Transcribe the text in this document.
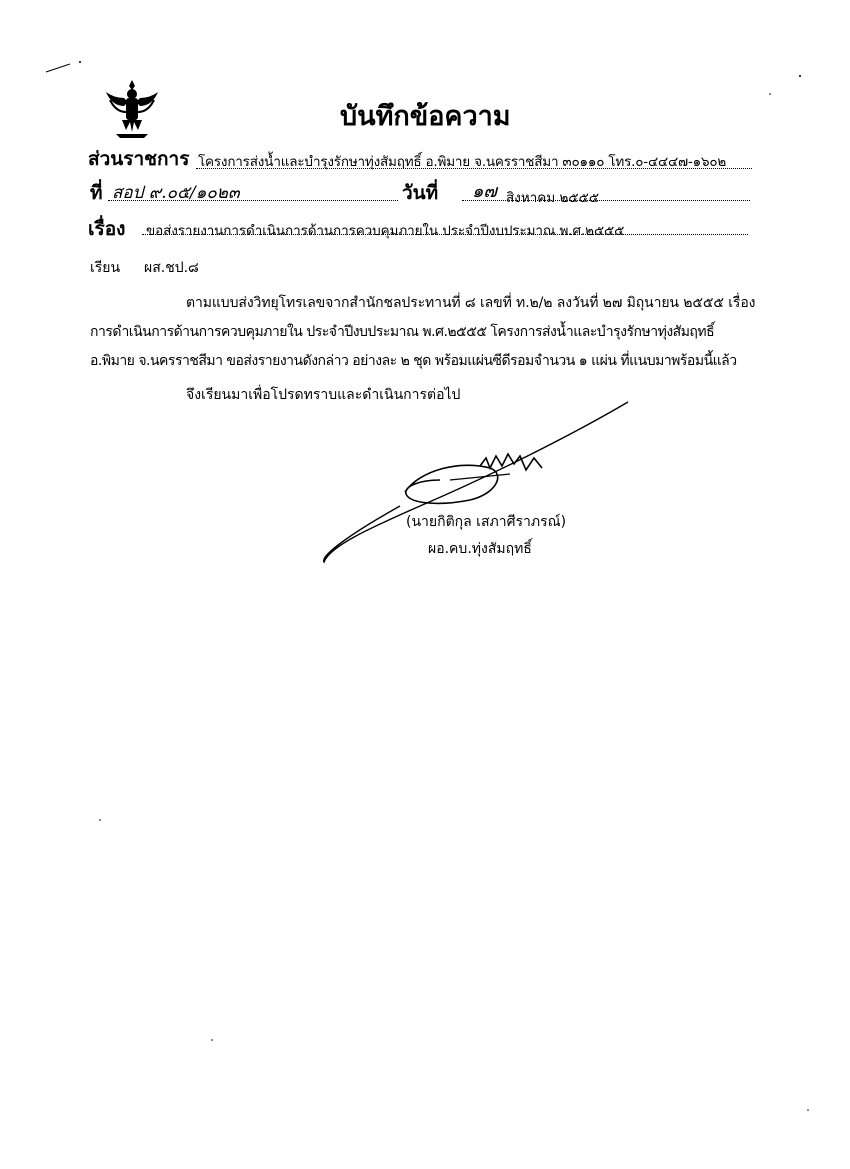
บันทึกข้อความ
ส่วนราชการ โครงการส่งน้ำและบำรุงรักษาทุ่งสัมฤทธิ์ อ.พิมาย จ.นครราชสีมา ๓๐๑๑๐ โทร.๐-๔๔๔๗-๑๖๐๒
ที่ สอป ๙.๐๕/๑๐๒๓	วันที่ ๑๗ สิงหาคม ๒๕๕๕
เรื่อง ขอส่งรายงานการดำเนินการด้านการควบคุมภายใน ประจำปีงบประมาณ พ.ศ.๒๕๕๕
เรียน ผส.ชป.๘
ตามแบบส่งวิทยุโทรเลขจากสำนักชลประทานที่ ๘ เลขที่ ท.๒/๒ ลงวันที่ ๒๗ มิถุนายน ๒๕๕๕ เรื่อง
การดำเนินการด้านการควบคุมภายใน ประจำปีงบประมาณ พ.ศ.๒๕๕๕ โครงการส่งน้ำและบำรุงรักษาทุ่งสัมฤทธิ์
อ.พิมาย จ.นครราชสีมา ขอส่งรายงานดังกล่าว อย่างละ ๒ ชุด พร้อมแผ่นซีดีรอมจำนวน ๑ แผ่น ที่แนบมาพร้อมนี้แล้ว
จึงเรียนมาเพื่อโปรดทราบและดำเนินการต่อไป
(นายกิติกุล เสภาศีราภรณ์)
ผอ.คบ.ทุ่งสัมฤทธิ์
